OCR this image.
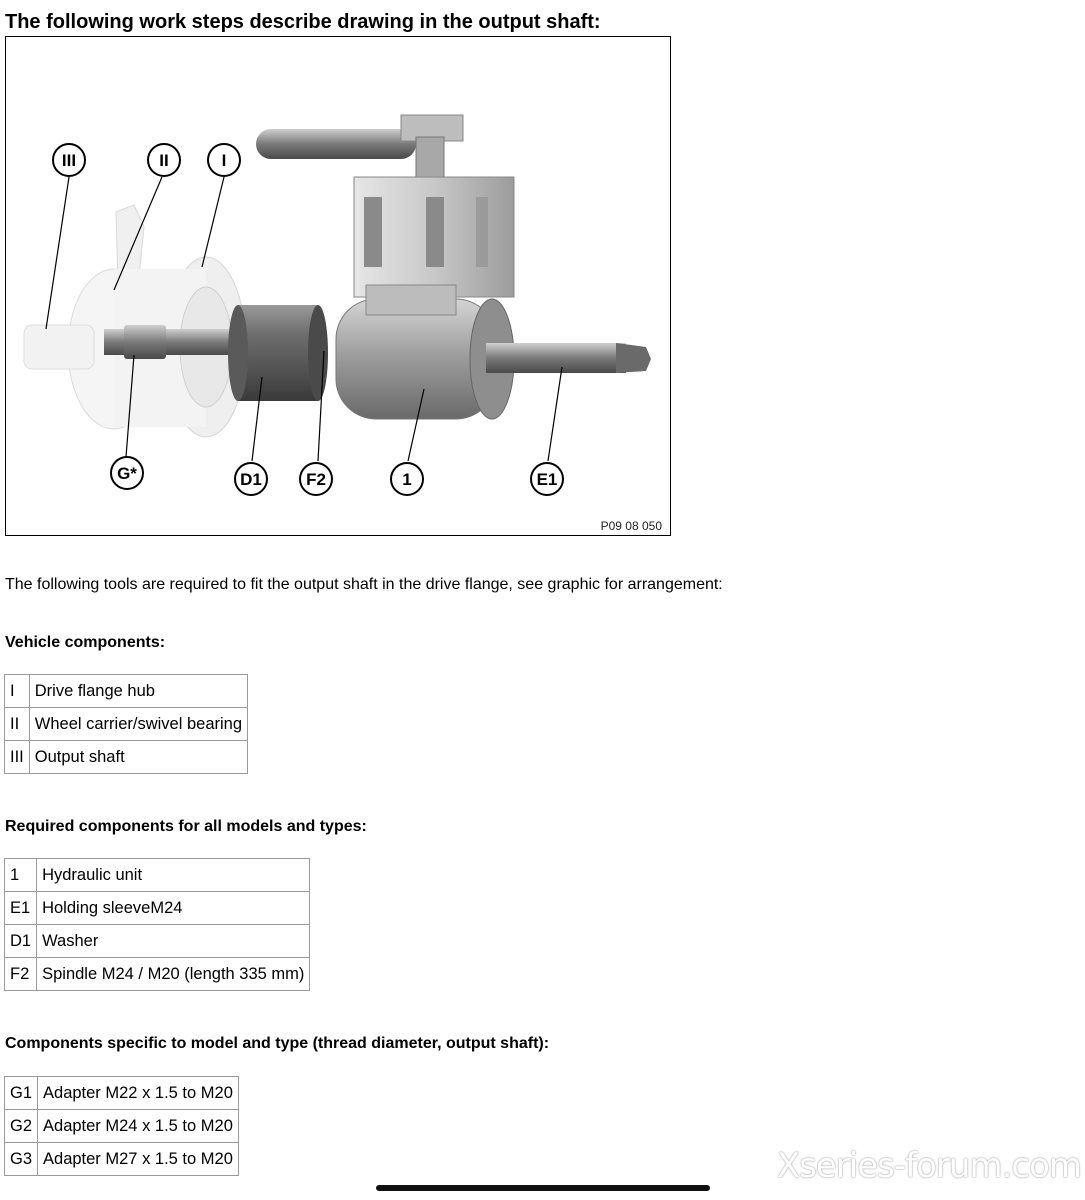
The following work steps describe drawing in the output shaft:
III	II	I
G*	D1	F2	1	E1
P09 08 050
The following tools are required to fit the output shaft in the drive flange, see graphic for arrangement:
Vehicle components:
I	Drive flange hub
II	Wheel carrier/swivel bearing
III	Output shaft
Required components for all models and types:
1	Hydraulic unit
E1	Holding sleeveM24
D1	Washer
F2	Spindle M24 / M20 (length 335 mm)
Components specific to model and type (thread diameter, output shaft):
G1	Adapter M22 x 1.5 to M20
G2	Adapter M24 x 1.5 to M20
G3	Adapter M27 x 1.5 to M20	Xseries-forum.com
